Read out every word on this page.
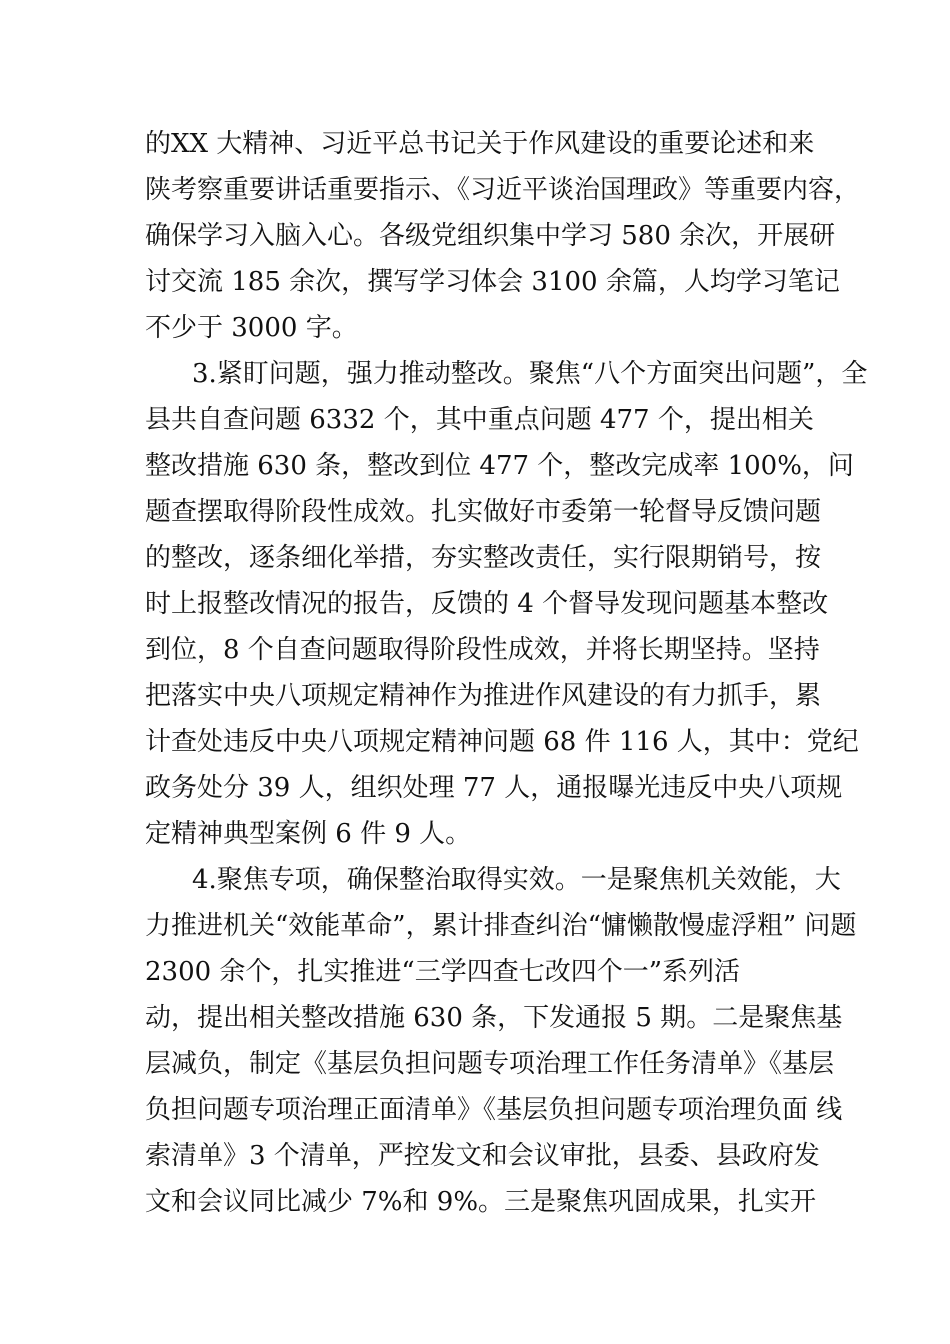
的XX 大精神、习近平总书记关于作风建设的重要论述和来
陕考察重要讲话重要指示、《习近平谈治国理政》等重要内容，
确保学习入脑入心。各级党组织集中学习 580 余次，开展研
讨交流 185 余次，撰写学习体会 3100 余篇，人均学习笔记
不少于 3000 字。
3.紧盯问题，强力推动整改。聚焦“八个方面突出问题”，全
县共自查问题 6332 个，其中重点问题 477 个，提出相关
整改措施 630 条，整改到位 477 个，整改完成率 100%，问
题查摆取得阶段性成效。扎实做好市委第一轮督导反馈问题
的整改，逐条细化举措，夯实整改责任，实行限期销号，按
时上报整改情况的报告，反馈的 4 个督导发现问题基本整改
到位，8 个自查问题取得阶段性成效，并将长期坚持。坚持
把落实中央八项规定精神作为推进作风建设的有力抓手，累
计查处违反中央八项规定精神问题 68 件 116 人，其中：党纪
政务处分 39 人，组织处理 77 人，通报曝光违反中央八项规
定精神典型案例 6 件 9 人。
4.聚焦专项，确保整治取得实效。一是聚焦机关效能，大
力推进机关“效能革命”，累计排查纠治“慵懒散慢虚浮粗” 问题
2300 余个，扎实推进“三学四查七改四个一”系列活
动，提出相关整改措施 630 条，下发通报 5 期。二是聚焦基
层减负，制定《基层负担问题专项治理工作任务清单》《基层
负担问题专项治理正面清单》《基层负担问题专项治理负面 线
索清单》3 个清单，严控发文和会议审批，县委、县政府发
文和会议同比减少 7%和 9%。三是聚焦巩固成果，扎实开
